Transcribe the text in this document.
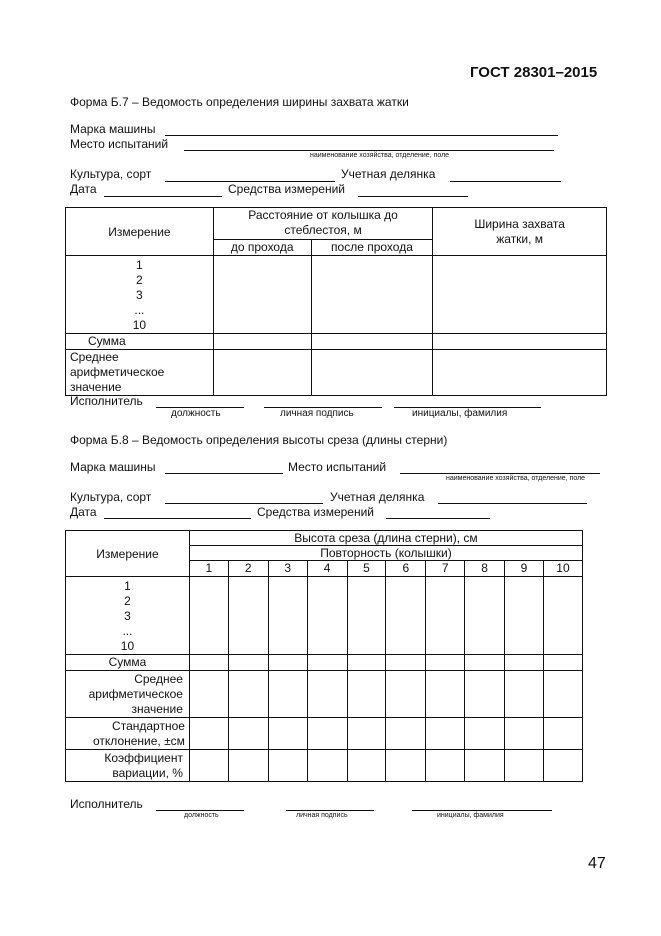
ГОСТ 28301–2015
Форма Б.7 – Ведомость определения ширины захвата жатки
Марка машины
Место испытаний
наименование хозяйства, отделение, поле
Культура, сорт	Учетная делянка
Дата	Средства измерений
Измерение	Расстояние от колышка до стеблестоя, м		Ширина захвата жатки, м
	до прохода	после прохода	

1
2
3
...
10			

Сумма			
Среднее арифметическое значение			
Исполнитель
должность	личная подпись	инициалы, фамилия
Форма Б.8 – Ведомость определения высоты среза (длины стерни)
Марка машины	Место испытаний
наименование хозяйства, отделение, поле
Культура, сорт	Учетная делянка
Дата	Средства измерений
Измерение	Высота среза (длина стерни), см									
	Повторность (колышки)									
	1	2	3	4	5	6	7	8	9	10

1
2
3
...
10										

Сумма										
Среднее арифметическое значение										
Стандартное отклонение, ±см										
Коэффициент вариации, %										
Исполнитель
должность	личная подпись	инициалы, фамилия
47
